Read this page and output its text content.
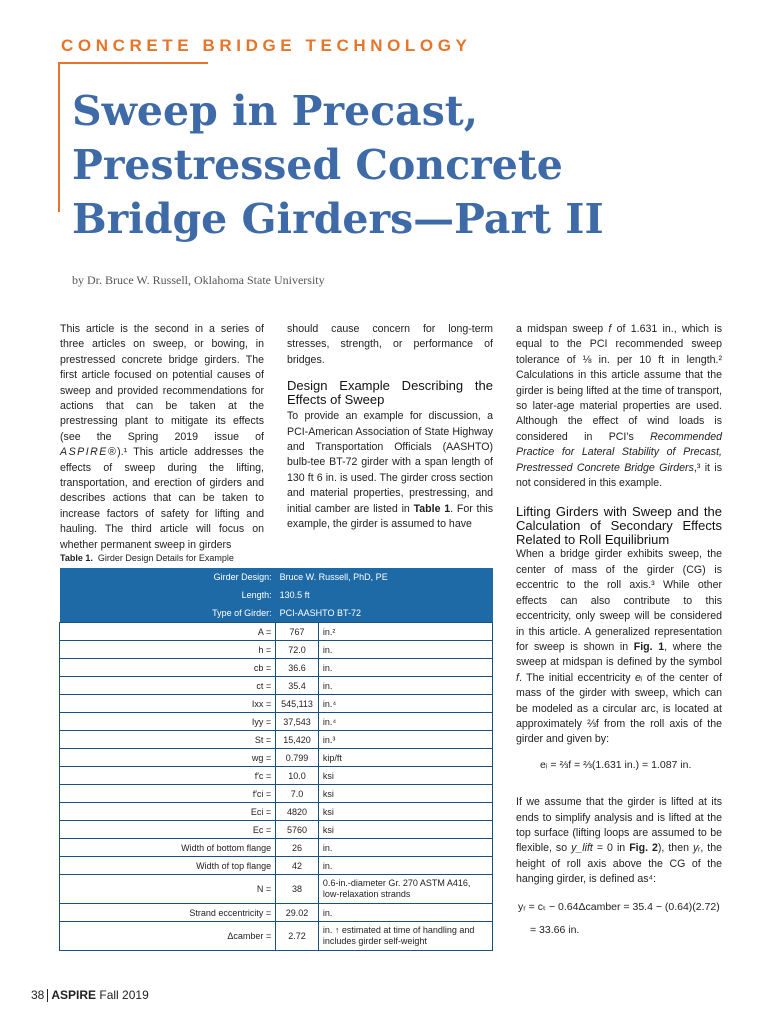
CONCRETE BRIDGE TECHNOLOGY
Sweep in Precast,
Prestressed Concrete
Bridge Girders—Part II
by Dr. Bruce W. Russell, Oklahoma State University

This article is the second in a series of three articles on sweep, or bowing, in prestressed concrete bridge girders. The first article focused on potential causes of sweep and provided recommendations for actions that can be taken at the prestressing plant to mitigate its effects (see the Spring 2019 issue of ASPIRE®).¹ This article addresses the effects of sweep during the lifting, transportation, and erection of girders and describes actions that can be taken to increase factors of safety for lifting and hauling. The third article will focus on whether permanent sweep in girders

should cause concern for long-term stresses, strength, or performance of bridges.

Design Example Describing the Effects of Sweep

To provide an example for discussion, a PCI-American Association of State Highway and Transportation Officials (AASHTO) bulb-tee BT-72 girder with a span length of 130 ft 6 in. is used. The girder cross section and material properties, prestressing, and initial camber are listed in Table 1. For this example, the girder is assumed to have

a midspan sweep f of 1.631 in., which is equal to the PCI recommended sweep tolerance of ⅛ in. per 10 ft in length.² Calculations in this article assume that the girder is being lifted at the time of transport, so later-age material properties are used. Although the effect of wind loads is considered in PCI’s Recommended Practice for Lateral Stability of Precast, Prestressed Concrete Bridge Girders,³ it is not considered in this example.

Lifting Girders with Sweep and the Calculation of Secondary Effects Related to Roll Equilibrium

When a bridge girder exhibits sweep, the center of mass of the girder (CG) is eccentric to the roll axis.³ While other effects can also contribute to this eccentricity, only sweep will be considered in this article. A generalized representation for sweep is shown in Fig. 1, where the sweep at midspan is defined by the symbol f. The initial eccentricity eᵢ of the center of mass of the girder with sweep, which can be modeled as a circular arc, is located at approximately ⅔f from the roll axis of the girder and given by:

eᵢ = ⅔f = ⅔(1.631 in.) = 1.087 in.

If we assume that the girder is lifted at its ends to simplify analysis and is lifted at the top surface (lifting loops are assumed to be flexible, so y_lift = 0 in Fig. 2), then yᵣ, the height of roll axis above the CG of the hanging girder, is defined as⁴:

yᵣ = cₜ − 0.64Δcamber = 35.4 − (0.64)(2.72)
= 33.66 in.
Table 1. Girder Design Details for Example
Girder Design:	Bruce W. Russell, PhD, PE	
Length:	130.5 ft	
Type of Girder:	PCI-AASHTO BT-72	
A =	767	in.²
h =	72.0	in.
cb =	36.6	in.
ct =	35.4	in.
Ixx =	545,113	in.⁴
Iyy =	37,543	in.⁴
St =	15,420	in.³
wg =	0.799	kip/ft
f′c =	10.0	ksi
f′ci =	7.0	ksi
Eci =	4820	ksi
Ec =	5760	ksi
Width of bottom flange	26	in.
Width of top flange	42	in.
N =	38	0.6-in.-diameter Gr. 270 ASTM A416, low-relaxation strands
Strand eccentricity =	29.02	in.
Δcamber =	2.72	in. ↑ estimated at time of handling and includes girder self-weight
38 ASPIRE Fall 2019
